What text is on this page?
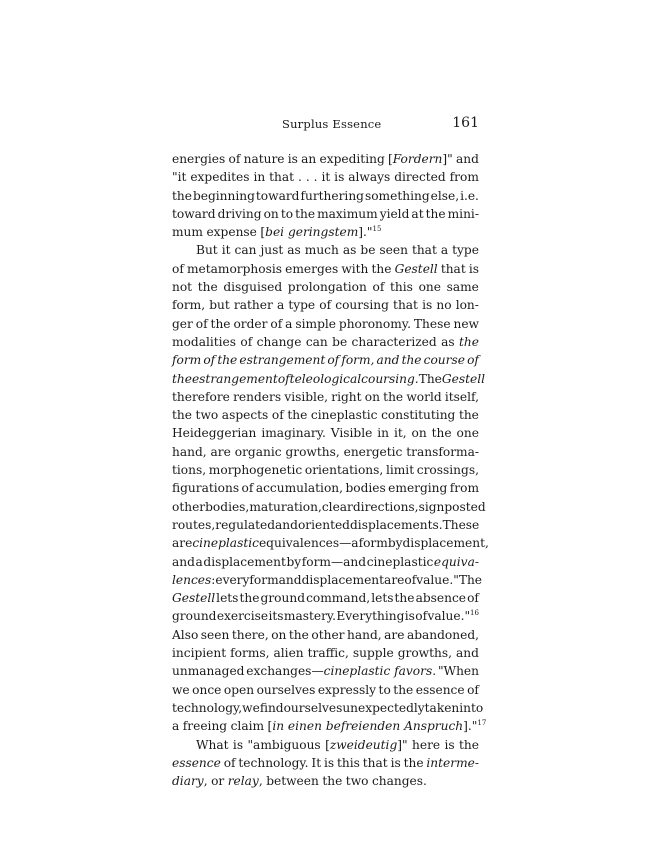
Surplus Essence	161
energies of nature is an expediting [Fordern]" and
"it expedites in that . . . it is always directed from
the beginning toward furthering something else, i.e.
toward driving on to the maximum yield at the mini-
mum expense [bei geringstem]."$^{15}$
But it can just as much as be seen that a type
of metamorphosis emerges with the Gestell that is
not the disguised prolongation of this one same
form, but rather a type of coursing that is no lon-
ger of the order of a simple phoronomy. These new
modalities of change can be characterized as the
form of the estrangement of form, and the course of
the estrangement of teleological coursing. The Gestell
therefore renders visible, right on the world itself,
the two aspects of the cineplastic constituting the
Heideggerian imaginary. Visible in it, on the one
hand, are organic growths, energetic transforma-
tions, morphogenetic orientations, limit crossings,
figurations of accumulation, bodies emerging from
other bodies, maturation, clear directions, signposted
routes, regulated and oriented displacements. These
are cineplastic equivalences—a form by displacement,
and a displacement by form—and cineplastic equiva-
lences: every form and displacement are of value. "The
Gestell lets the ground command, lets the absence of
ground exercise its mastery. Everything is of value."$^{16}$
Also seen there, on the other hand, are abandoned,
incipient forms, alien traffic, supple growths, and
unmanaged exchanges—cineplastic favors. "When
we once open ourselves expressly to the essence of
technology, we find ourselves unexpectedly taken into
a freeing claim [in einen befreienden Anspruch]."$^{17}$
What is "ambiguous [zweideutig]" here is the
essence of technology. It is this that is the interme-
diary, or relay, between the two changes.
